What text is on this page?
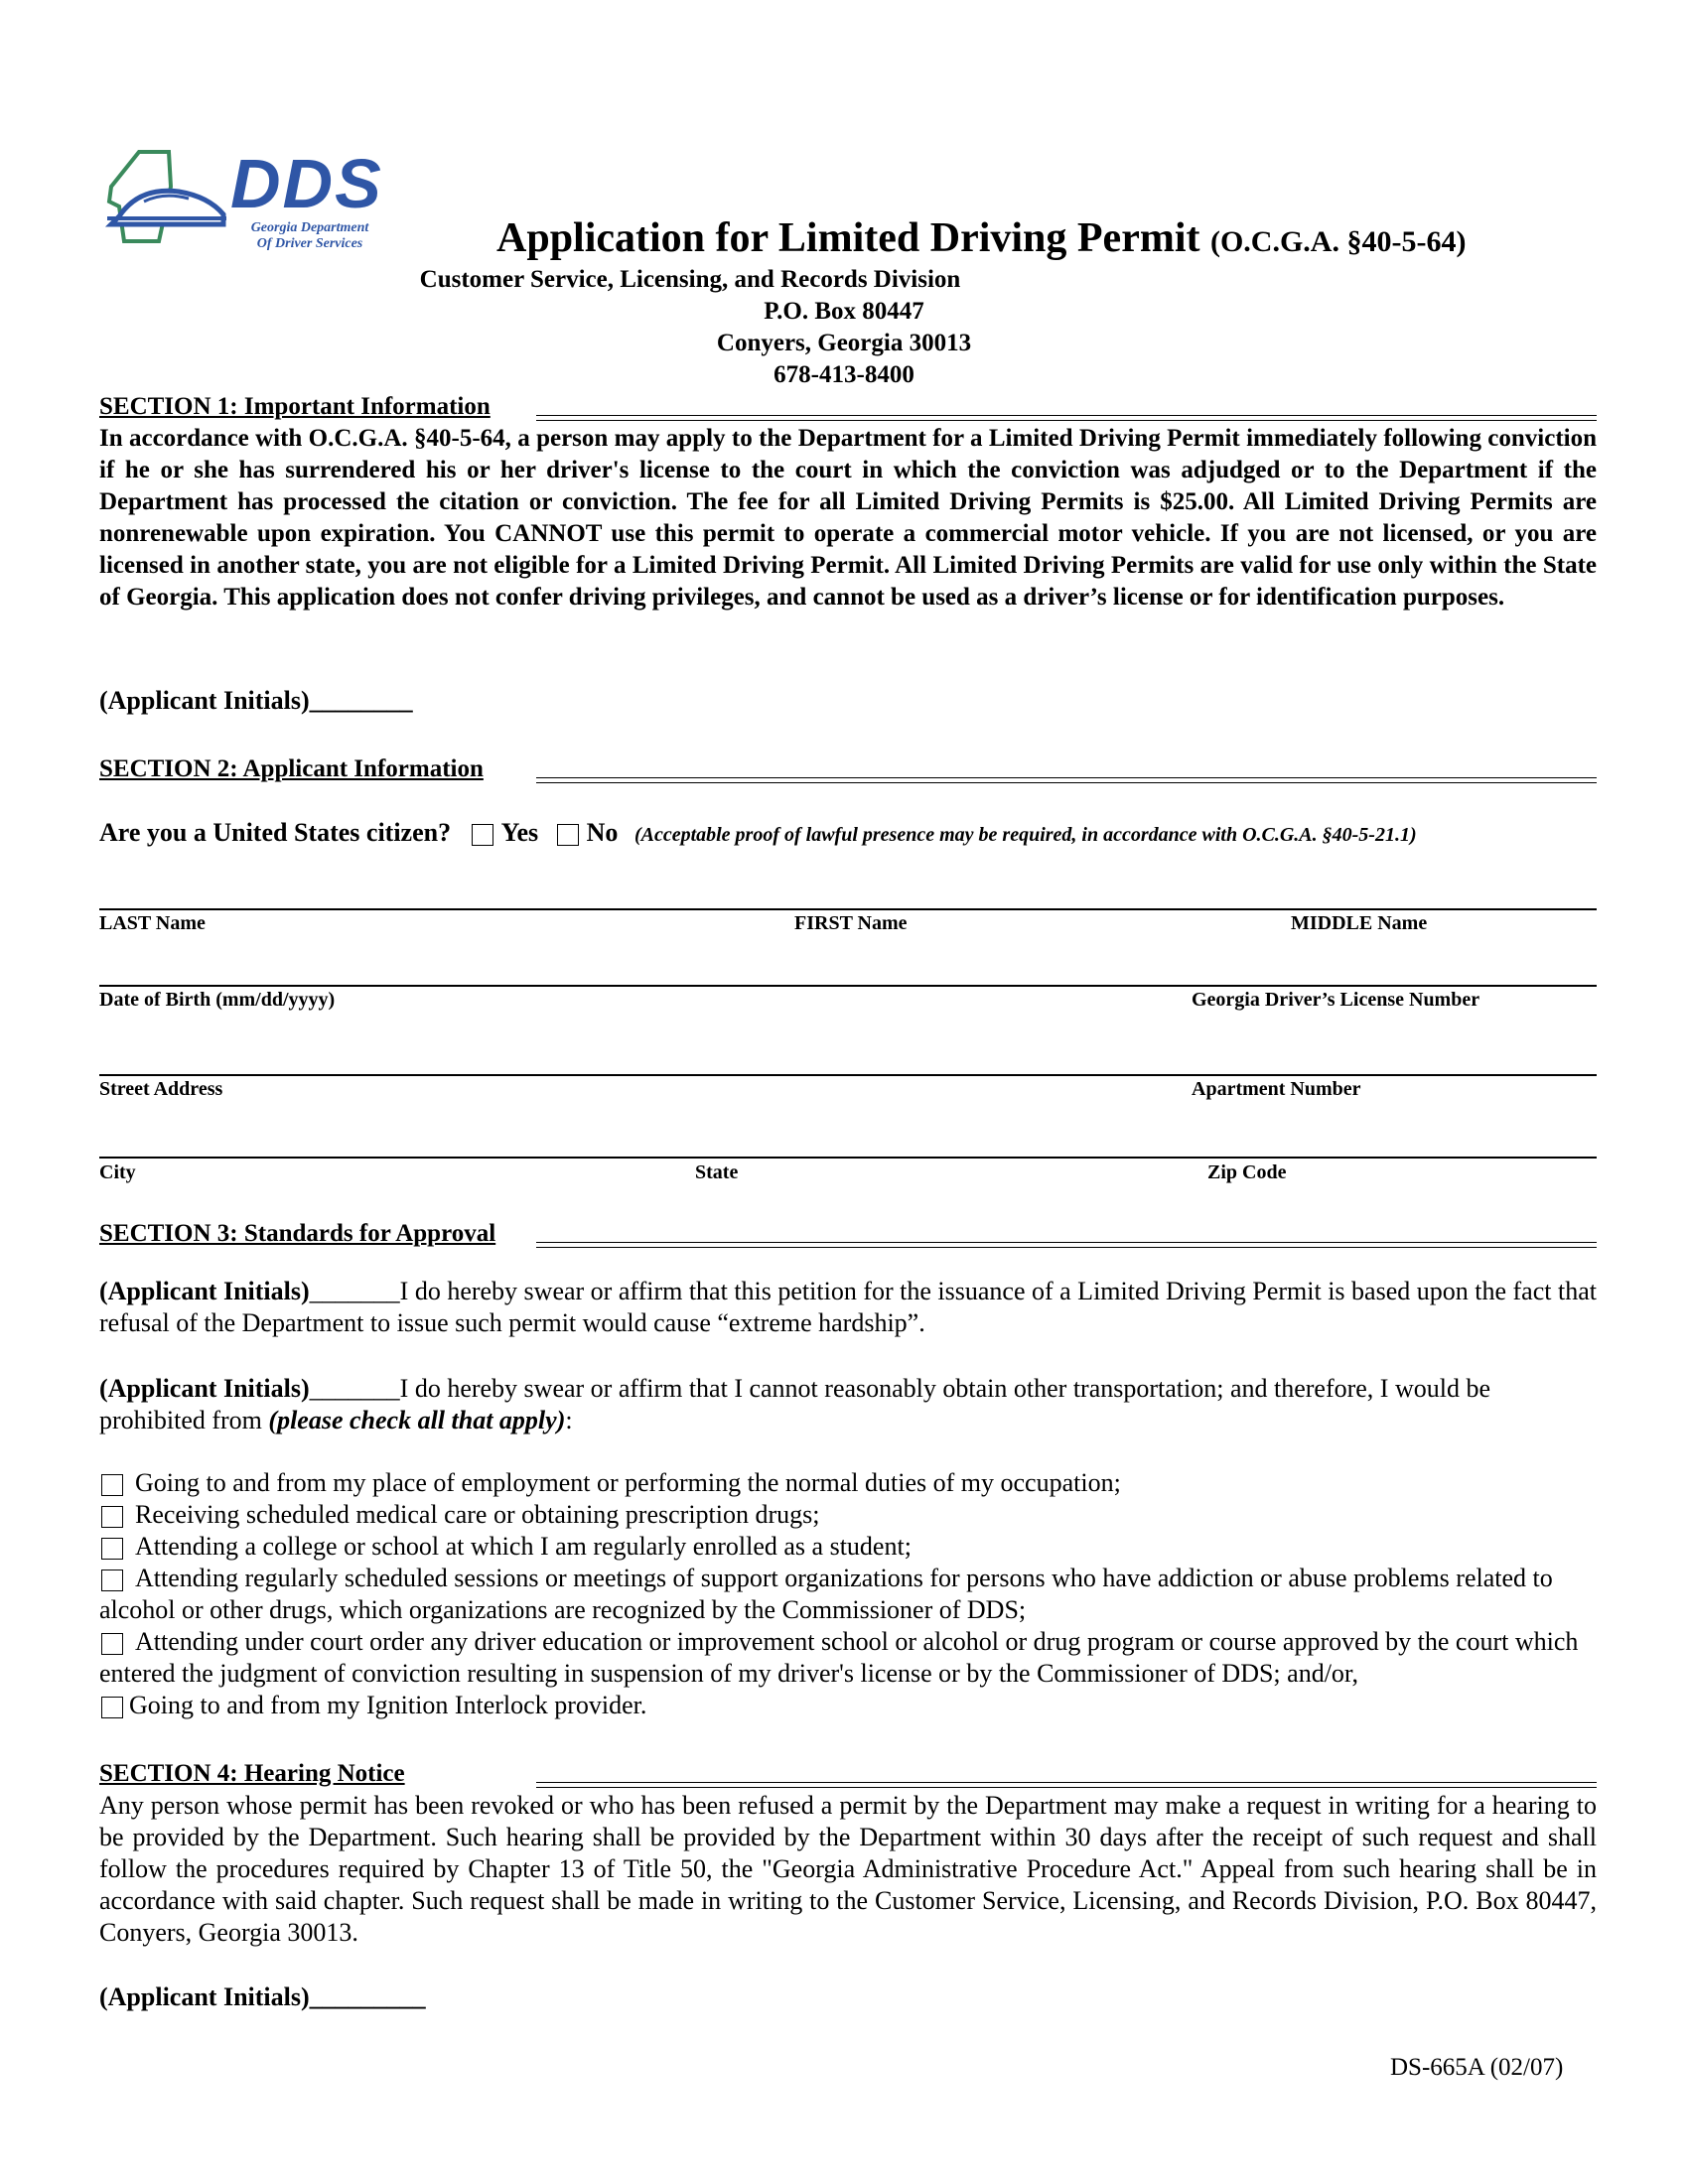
DDS
Georgia Department
Of Driver Services	Application for Limited Driving Permit (O.C.G.A. §40-5-64)
Customer Service, Licensing, and Records Division
P.O. Box 80447
Conyers, Georgia 30013
678-413-8400
SECTION 1: Important Information
In accordance with O.C.G.A. §40-5-64, a person may apply to the Department for a Limited Driving Permit immediately following conviction if he or she has surrendered his or her driver's license to the court in which the conviction was adjudged or to the Department if the Department has processed the citation or conviction. The fee for all Limited Driving Permits is $25.00. All Limited Driving Permits are nonrenewable upon expiration. You CANNOT use this permit to operate a commercial motor vehicle. If you are not licensed, or you are licensed in another state, you are not eligible for a Limited Driving Permit. All Limited Driving Permits are valid for use only within the State of Georgia. This application does not confer driving privileges, and cannot be used as a driver’s license or for identification purposes.
(Applicant Initials)________
SECTION 2: Applicant Information
Are you a United States citizen? Yes No (Acceptable proof of lawful presence may be required, in accordance with O.C.G.A. §40-5-21.1)
LAST Name	FIRST Name	MIDDLE Name
Date of Birth (mm/dd/yyyy)	Georgia Driver’s License Number
Street Address	Apartment Number
City	State	Zip Code
SECTION 3: Standards for Approval
(Applicant Initials)_______I do hereby swear or affirm that this petition for the issuance of a Limited Driving Permit is based upon the fact that refusal of the Department to issue such permit would cause “extreme hardship”.
(Applicant Initials)_______I do hereby swear or affirm that I cannot reasonably obtain other transportation; and therefore, I would be prohibited from (please check all that apply):
Going to and from my place of employment or performing the normal duties of my occupation;
Receiving scheduled medical care or obtaining prescription drugs;
Attending a college or school at which I am regularly enrolled as a student;
Attending regularly scheduled sessions or meetings of support organizations for persons who have addiction or abuse problems related to alcohol or other drugs, which organizations are recognized by the Commissioner of DDS;
Attending under court order any driver education or improvement school or alcohol or drug program or course approved by the court which entered the judgment of conviction resulting in suspension of my driver's license or by the Commissioner of DDS; and/or,
Going to and from my Ignition Interlock provider.
SECTION 4: Hearing Notice
Any person whose permit has been revoked or who has been refused a permit by the Department may make a request in writing for a hearing to be provided by the Department. Such hearing shall be provided by the Department within 30 days after the receipt of such request and shall follow the procedures required by Chapter 13 of Title 50, the "Georgia Administrative Procedure Act." Appeal from such hearing shall be in accordance with said chapter. Such request shall be made in writing to the Customer Service, Licensing, and Records Division, P.O. Box 80447, Conyers, Georgia 30013.
(Applicant Initials)_________
DS-665A (02/07)
